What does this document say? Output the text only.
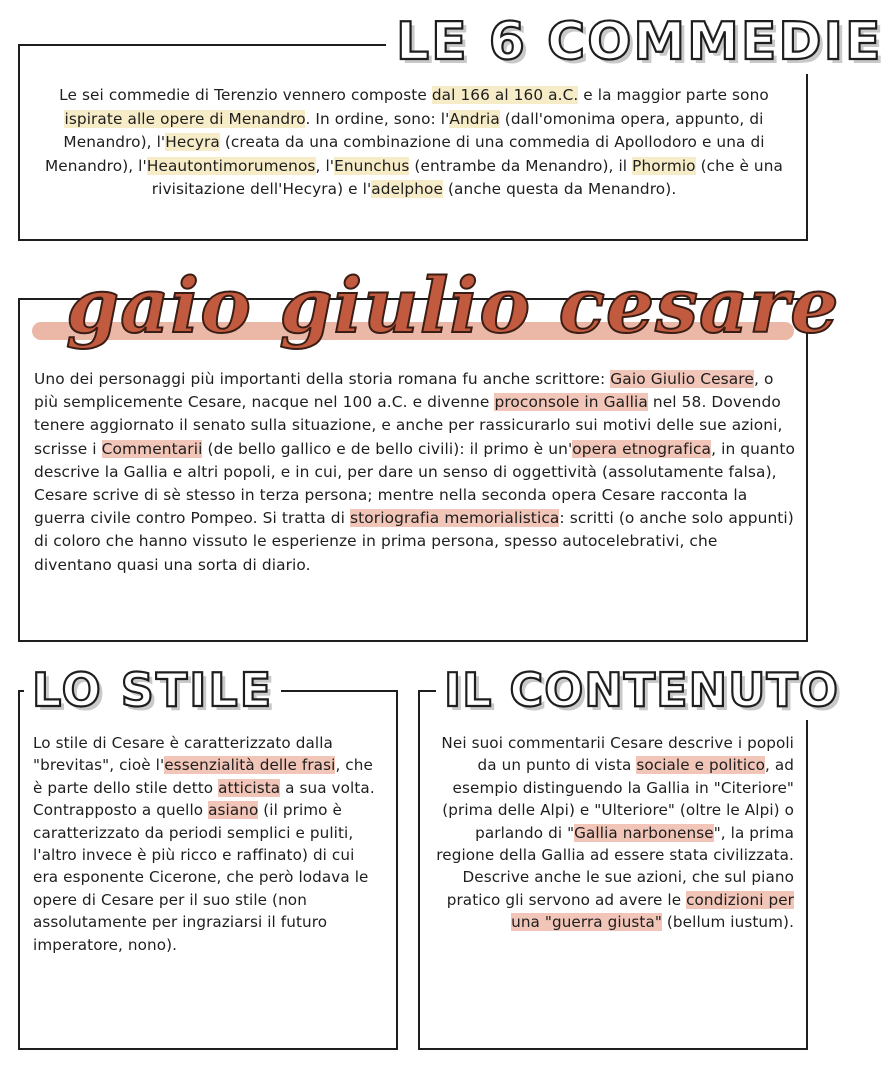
LE 6 COMMEDIE
Le sei commedie di Terenzio vennero composte dal 166 al 160 a.C. e la maggior parte sono ispirate alle opere di Menandro. In ordine, sono: l'Andria (dall'omonima opera, appunto, di Menandro), l'Hecyra (creata da una combinazione di una commedia di Apollodoro e una di Menandro), l'Heautontimorumenos, l'Enunchus (entrambe da Menandro), il Phormio (che è una rivisitazione dell'Hecyra) e l'adelphoe (anche questa da Menandro).
gaio giulio cesare
Uno dei personaggi più importanti della storia romana fu anche scrittore: Gaio Giulio Cesare, o più semplicemente Cesare, nacque nel 100 a.C. e divenne proconsole in Gallia nel 58. Dovendo tenere aggiornato il senato sulla situazione, e anche per rassicurarlo sui motivi delle sue azioni, scrisse i Commentarii (de bello gallico e de bello civili): il primo è un'opera etnografica, in quanto descrive la Gallia e altri popoli, e in cui, per dare un senso di oggettività (assolutamente falsa), Cesare scrive di sè stesso in terza persona; mentre nella seconda opera Cesare racconta la guerra civile contro Pompeo. Si tratta di storiografia memorialistica: scritti (o anche solo appunti) di coloro che hanno vissuto le esperienze in prima persona, spesso autocelebrativi, che diventano quasi una sorta di diario.
LO STILE
Lo stile di Cesare è caratterizzato dalla "brevitas", cioè l'essenzialità delle frasi, che è parte dello stile detto atticista a sua volta. Contrapposto a quello asiano (il primo è caratterizzato da periodi semplici e puliti, l'altro invece è più ricco e raffinato) di cui era esponente Cicerone, che però lodava le opere di Cesare per il suo stile (non assolutamente per ingraziarsi il futuro imperatore, nono).
IL CONTENUTO
Nei suoi commentarii Cesare descrive i popoli da un punto di vista sociale e politico, ad esempio distinguendo la Gallia in "Citeriore" (prima delle Alpi) e "Ulteriore" (oltre le Alpi) o parlando di "Gallia narbonense", la prima regione della Gallia ad essere stata civilizzata. Descrive anche le sue azioni, che sul piano pratico gli servono ad avere le condizioni per una "guerra giusta" (bellum iustum).
